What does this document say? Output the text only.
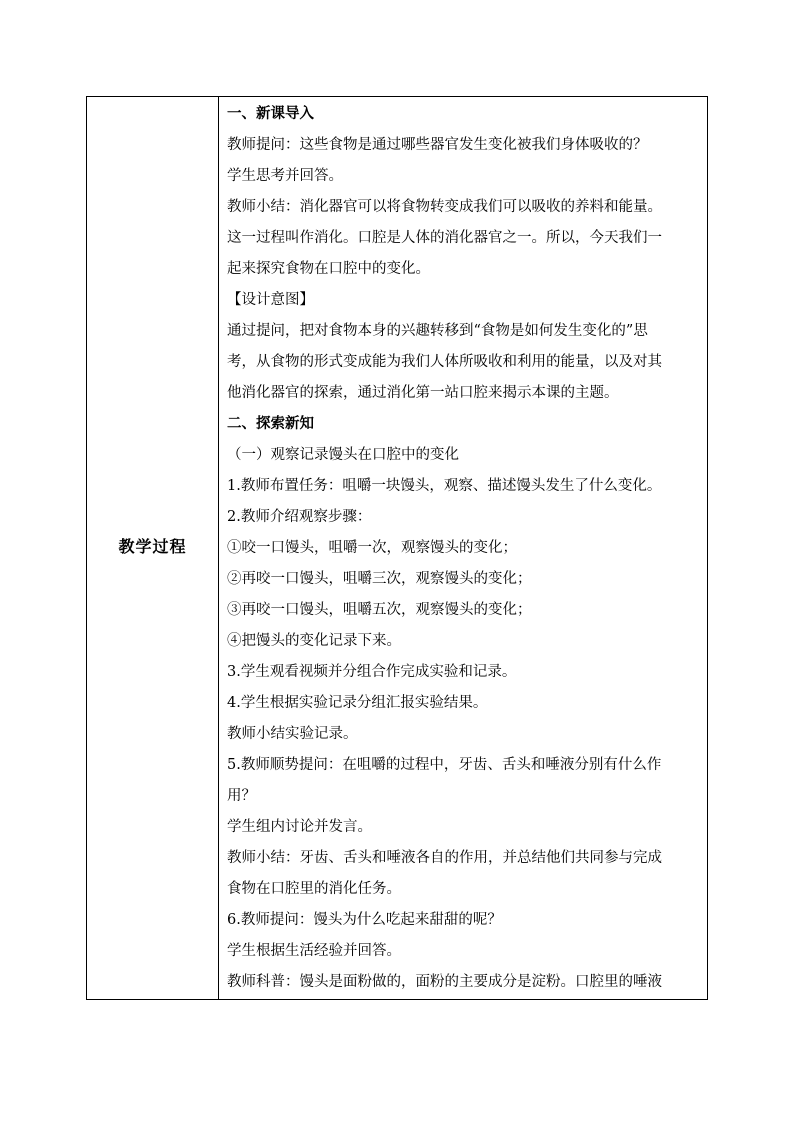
教学过程
一、新课导入
教师提问：这些食物是通过哪些器官发生变化被我们身体吸收的？
学生思考并回答。
教师小结：消化器官可以将食物转变成我们可以吸收的养料和能量。
这一过程叫作消化。口腔是人体的消化器官之一。所以，今天我们一
起来探究食物在口腔中的变化。
【设计意图】
通过提问，把对食物本身的兴趣转移到“食物是如何发生变化的”思
考，从食物的形式变成能为我们人体所吸收和利用的能量，以及对其
他消化器官的探索，通过消化第一站口腔来揭示本课的主题。
二、探索新知
（一）观察记录馒头在口腔中的变化
1.教师布置任务：咀嚼一块馒头，观察、描述馒头发生了什么变化。
2.教师介绍观察步骤：
①咬一口馒头，咀嚼一次，观察馒头的变化；
②再咬一口馒头，咀嚼三次，观察馒头的变化；
③再咬一口馒头，咀嚼五次，观察馒头的变化；
④把馒头的变化记录下来。
3.学生观看视频并分组合作完成实验和记录。
4.学生根据实验记录分组汇报实验结果。
教师小结实验记录。
5.教师顺势提问：在咀嚼的过程中，牙齿、舌头和唾液分别有什么作
用？
学生组内讨论并发言。
教师小结：牙齿、舌头和唾液各自的作用，并总结他们共同参与完成
食物在口腔里的消化任务。
6.教师提问：馒头为什么吃起来甜甜的呢？
学生根据生活经验并回答。
教师科普：馒头是面粉做的，面粉的主要成分是淀粉。口腔里的唾液
